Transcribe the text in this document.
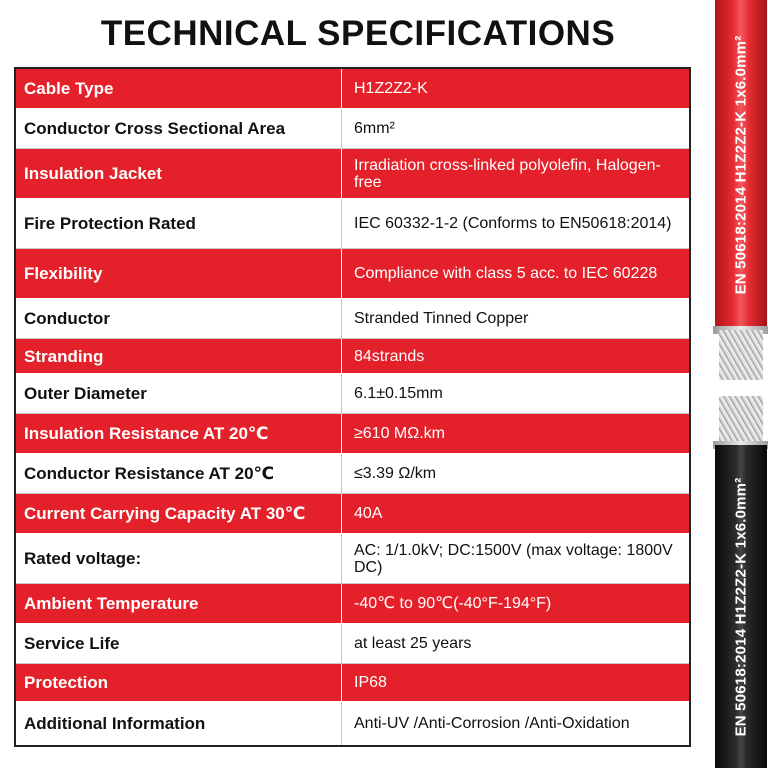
TECHNICAL SPECIFICATIONS
Cable Type	H1Z2Z2-K
Conductor Cross Sectional Area	6mm²
Insulation Jacket	Irradiation cross-linked polyolefin, Halogen-free
Fire Protection Rated	IEC 60332-1-2 (Conforms to EN50618:2014)
Flexibility	Compliance with class 5 acc. to IEC 60228
Conductor	Stranded Tinned Copper
Stranding	84strands
Outer Diameter	6.1±0.15mm
Insulation Resistance AT 20℃	≥610 MΩ.km
Conductor Resistance AT 20℃	≤3.39 Ω/km
Current Carrying Capacity AT 30℃	40A
Rated voltage:	AC: 1/1.0kV; DC:1500V (max voltage: 1800V DC)
Ambient Temperature	-40℃ to 90℃(-40°F-194°F)
Service Life	at least 25 years
Protection	IP68
Additional Information	Anti-UV /Anti-Corrosion /Anti-Oxidation
EN 50618:2014 H1Z2Z2-K 1x6.0mm²
EN 50618:2014 H1Z2Z2-K 1x6.0mm²
